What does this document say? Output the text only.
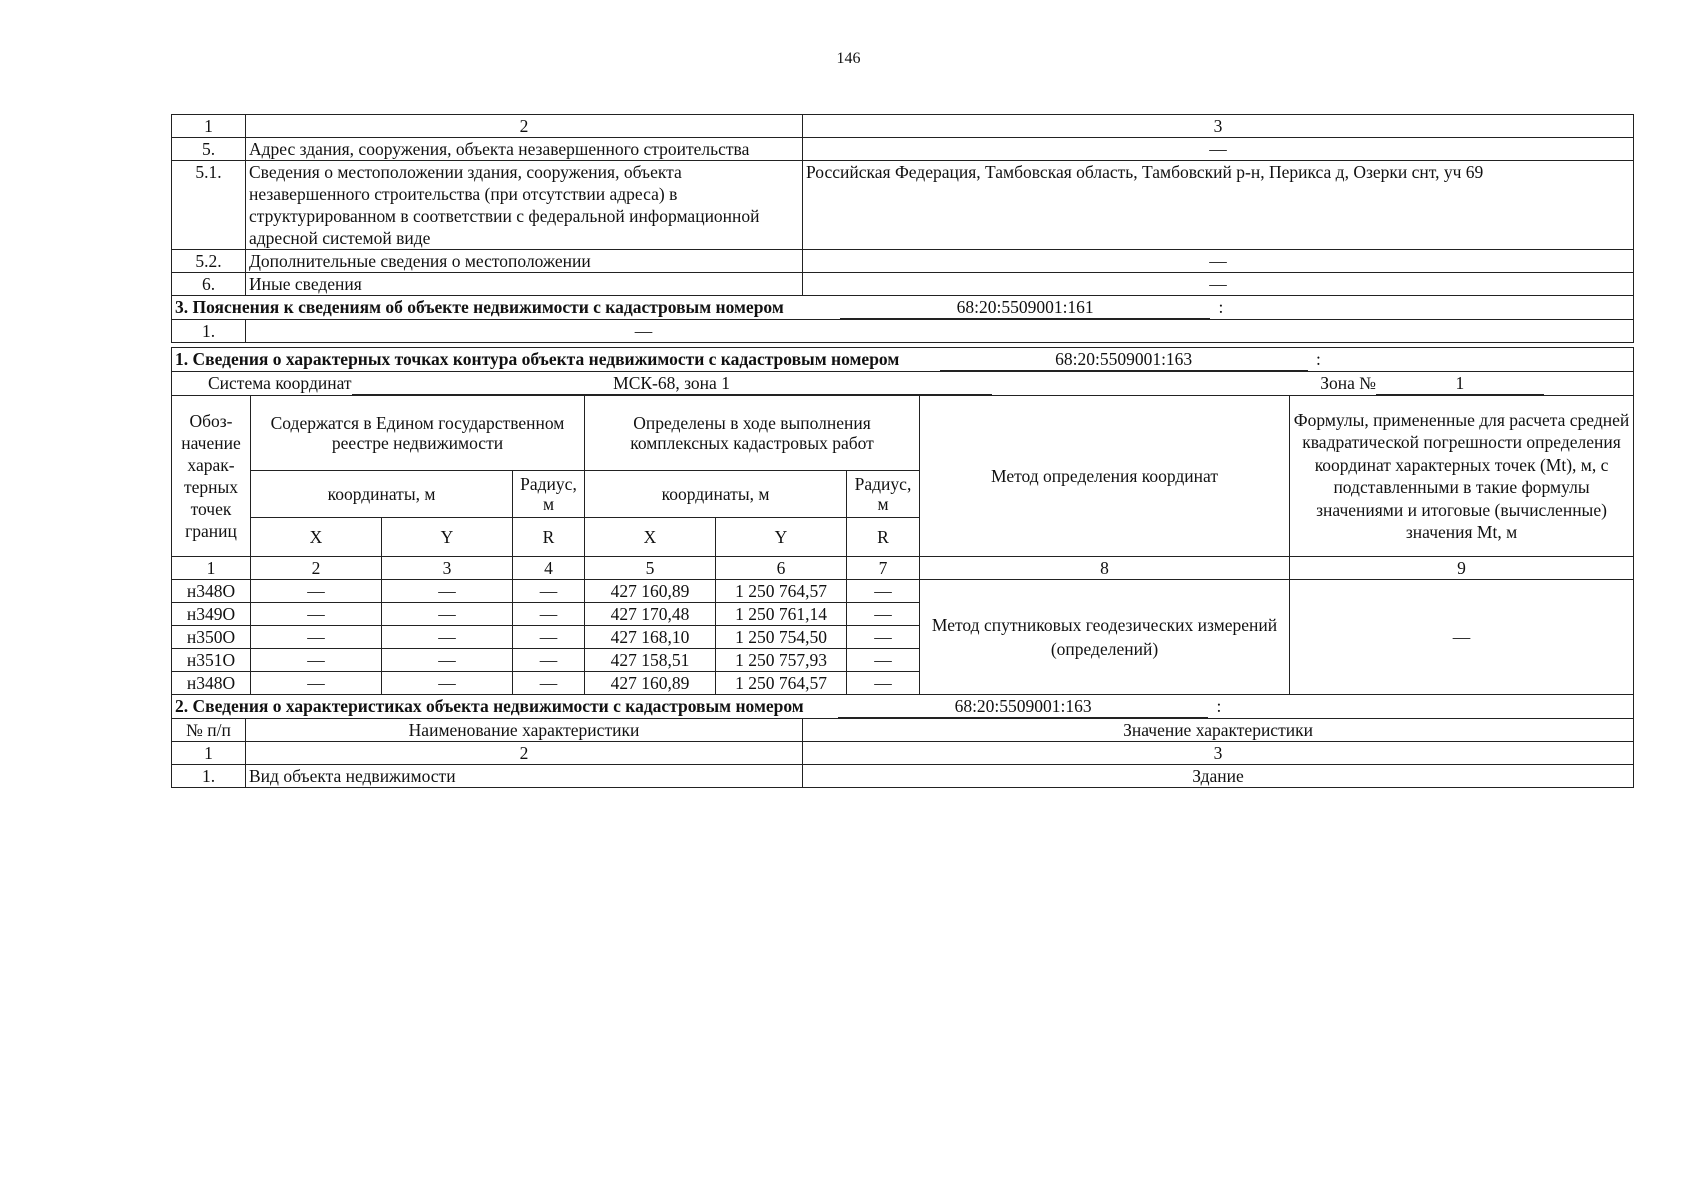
146
1	2	3
5.	Адрес здания, сооружения, объекта незавершенного строительства	—
5.1.	Сведения о местоположении здания, сооружения, объекта незавершенного строительства (при отсутствии адреса) в структурированном в соответствии с федеральной информационной адресной системой виде	Российская Федерация, Тамбовская область, Тамбовский р-н, Перикса д, Озерки снт, уч 69
5.2.	Дополнительные сведения о местоположении	—
6.	Иные сведения	—
3. Пояснения к сведениям об объекте недвижимости с кадастровым номером 68:20:5509001:161 :		
1.	—	
1. Сведения о характерных точках контура объекта недвижимости с кадастровым номером 68:20:5509001:163 :								
Система координат МСК-68, зона 1 Зона № 1								
Обоз-начение харак-терных точек границ	Содержатся в Едином государственном реестре недвижимости			Определены в ходе выполнения комплексных кадастровых работ			Метод определения координат	Формулы, примененные для расчета средней квадратической погрешности определения координат характерных точек (Mt), м, с подставленными в такие формулы значениями и итоговые (вычисленные) значения Mt, м
	координаты, м		Радиус, м	координаты, м		Радиус, м		
	X	Y	R	X	Y	R		
1	2	3	4	5	6	7	8	9
н348О	—	—	—	427 160,89	1 250 764,57	—	Метод спутниковых геодезических измерений (определений)	—
н349О	—	—	—	427 170,48	1 250 761,14	—		
н350О	—	—	—	427 168,10	1 250 754,50	—		
н351О	—	—	—	427 158,51	1 250 757,93	—		
н348О	—	—	—	427 160,89	1 250 764,57	—		
2. Сведения о характеристиках объекта недвижимости с кадастровым номером 68:20:5509001:163 :		
№ п/п	Наименование характеристики	Значение характеристики
1	2	3
1.	Вид объекта недвижимости	Здание
